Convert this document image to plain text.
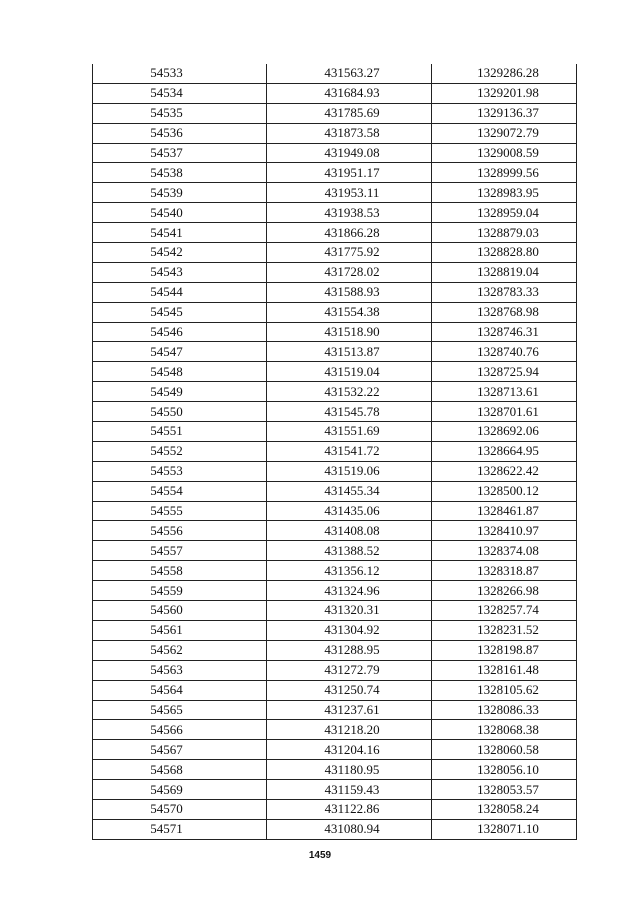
54533	431563.27	1329286.28
54534	431684.93	1329201.98
54535	431785.69	1329136.37
54536	431873.58	1329072.79
54537	431949.08	1329008.59
54538	431951.17	1328999.56
54539	431953.11	1328983.95
54540	431938.53	1328959.04
54541	431866.28	1328879.03
54542	431775.92	1328828.80
54543	431728.02	1328819.04
54544	431588.93	1328783.33
54545	431554.38	1328768.98
54546	431518.90	1328746.31
54547	431513.87	1328740.76
54548	431519.04	1328725.94
54549	431532.22	1328713.61
54550	431545.78	1328701.61
54551	431551.69	1328692.06
54552	431541.72	1328664.95
54553	431519.06	1328622.42
54554	431455.34	1328500.12
54555	431435.06	1328461.87
54556	431408.08	1328410.97
54557	431388.52	1328374.08
54558	431356.12	1328318.87
54559	431324.96	1328266.98
54560	431320.31	1328257.74
54561	431304.92	1328231.52
54562	431288.95	1328198.87
54563	431272.79	1328161.48
54564	431250.74	1328105.62
54565	431237.61	1328086.33
54566	431218.20	1328068.38
54567	431204.16	1328060.58
54568	431180.95	1328056.10
54569	431159.43	1328053.57
54570	431122.86	1328058.24
54571	431080.94	1328071.10
1459
